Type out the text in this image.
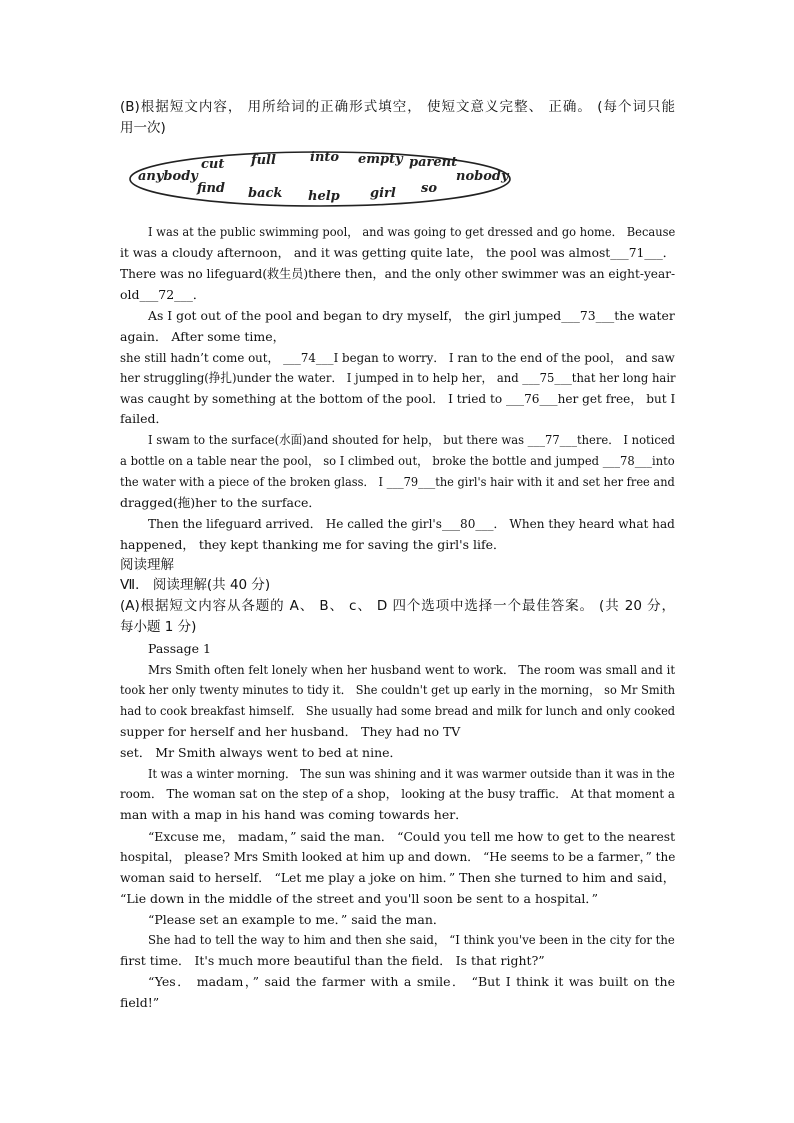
(B)根据短文内容， 用所给词的正确形式填空， 使短文意义完整、 正确。 (每个词只能
用一次)
anybody
cut
find
full
back
into
help
empty
girl
parent
so
nobody
I was at the public swimming pool， and was going to get dressed and go home． Because
it was a cloudy afternoon， and it was getting quite late， the pool was almost___71___．
There was no lifeguard(救生员)there then，and the only other swimmer was an eight-year-
old___72___．
As I got out of the pool and began to dry myself， the girl jumped___73___the water
again． After some time，
she still hadn’t come out， ___74___I began to worry． I ran to the end of the pool， and saw
her struggling(挣扎)under the water． I jumped in to help her， and ___75___that her long hair
was caught by something at the bottom of the pool． I tried to ___76___her get free， but I
failed．
I swam to the surface(水面)and shouted for help， but there was ___77___there． I noticed
a bottle on a table near the pool， so I climbed out， broke the bottle and jumped ___78___into
the water with a piece of the broken glass． I ___79___the girl's hair with it and set her free and
dragged(拖)her to the surface．
Then the lifeguard arrived． He called the girl's___80___． When they heard what had
happened， they kept thanking me for saving the girl's life．
阅读理解
Ⅶ． 阅读理解(共 40 分)
(A)根据短文内容从各题的 A、 B、 c、 D 四个选项中选择一个最佳答案。 (共 20 分，
每小题 1 分)
Passage 1
Mrs Smith often felt lonely when her husband went to work． The room was small and it
took her only twenty minutes to tidy it． She couldn't get up early in the morning， so Mr Smith
had to cook breakfast himself． She usually had some bread and milk for lunch and only cooked
supper for herself and her husband． They had no TV
set． Mr Smith always went to bed at nine．
It was a winter morning． The sun was shining and it was warmer outside than it was in the
room． The woman sat on the step of a shop， looking at the busy traffic． At that moment a
man with a map in his hand was coming towards her．
“Excuse me， madam，” said the man． “Could you tell me how to get to the nearest
hospital， please? Mrs Smith looked at him up and down． “He seems to be a farmer，” the
woman said to herself． “Let me play a joke on him．” Then she turned to him and said，
“Lie down in the middle of the street and you'll soon be sent to a hospital．”
“Please set an example to me．” said the man．
She had to tell the way to him and then she said， “I think you've been in the city for the
first time． It's much more beautiful than the field． Is that right?”
“Yes． madam，” said the farmer with a smile． “But I think it was built on the
field!”
